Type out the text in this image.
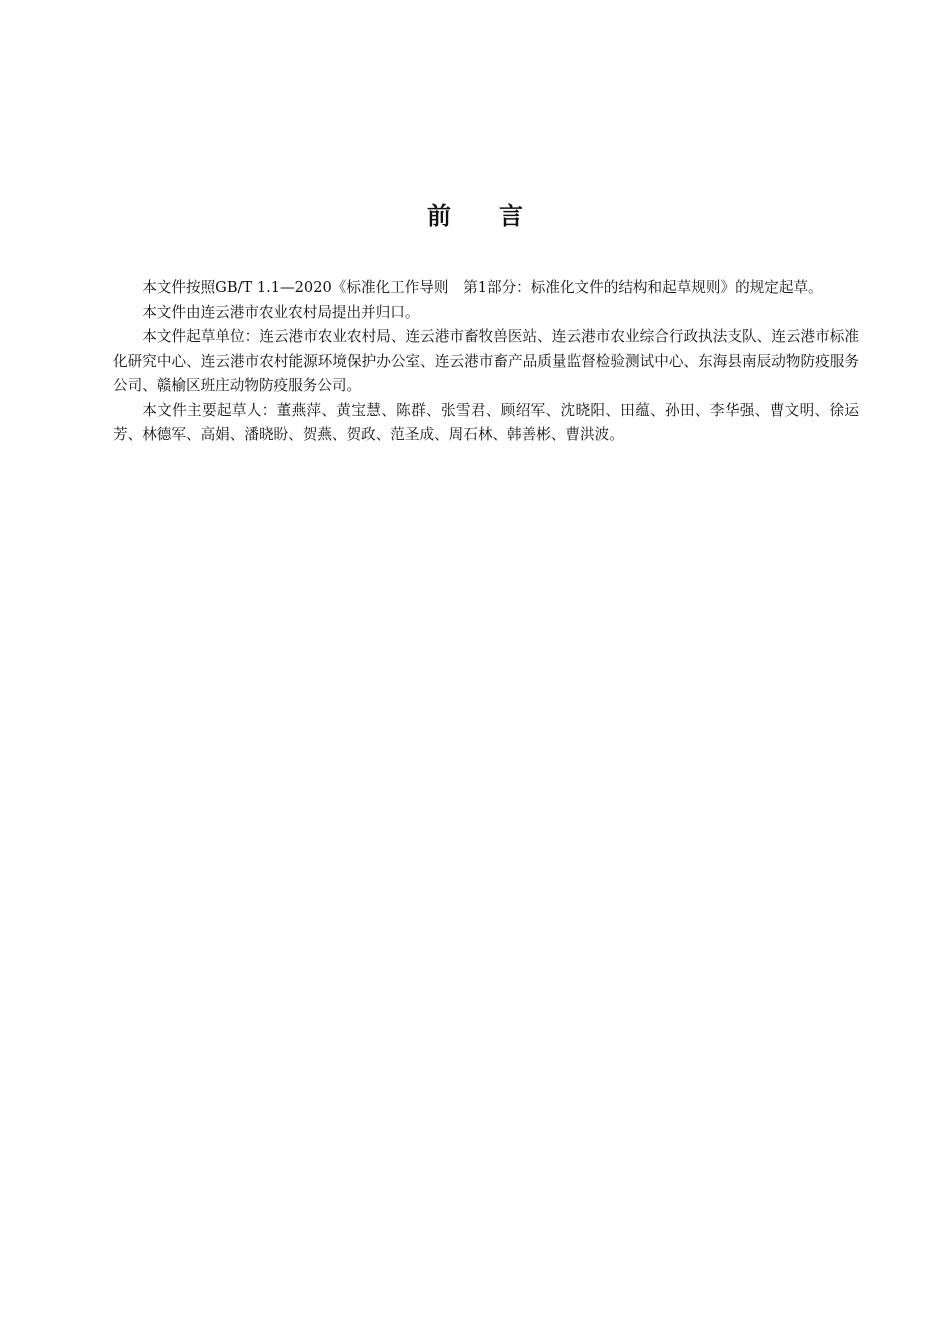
前言

本文件按照GB/T 1.1—2020《标准化工作导则　第1部分：标准化文件的结构和起草规则》的规定起草。

本文件由连云港市农业农村局提出并归口。

本文件起草单位：连云港市农业农村局、连云港市畜牧兽医站、连云港市农业综合行政执法支队、连云港市标准化研究中心、连云港市农村能源环境保护办公室、连云港市畜产品质量监督检验测试中心、东海县南辰动物防疫服务公司、赣榆区班庄动物防疫服务公司。

本文件主要起草人：董燕萍、黄宝慧、陈群、张雪君、顾绍军、沈晓阳、田蕴、孙田、李华强、曹文明、徐运芳、林德军、高娟、潘晓盼、贺燕、贺政、范圣成、周石林、韩善彬、曹洪波。
